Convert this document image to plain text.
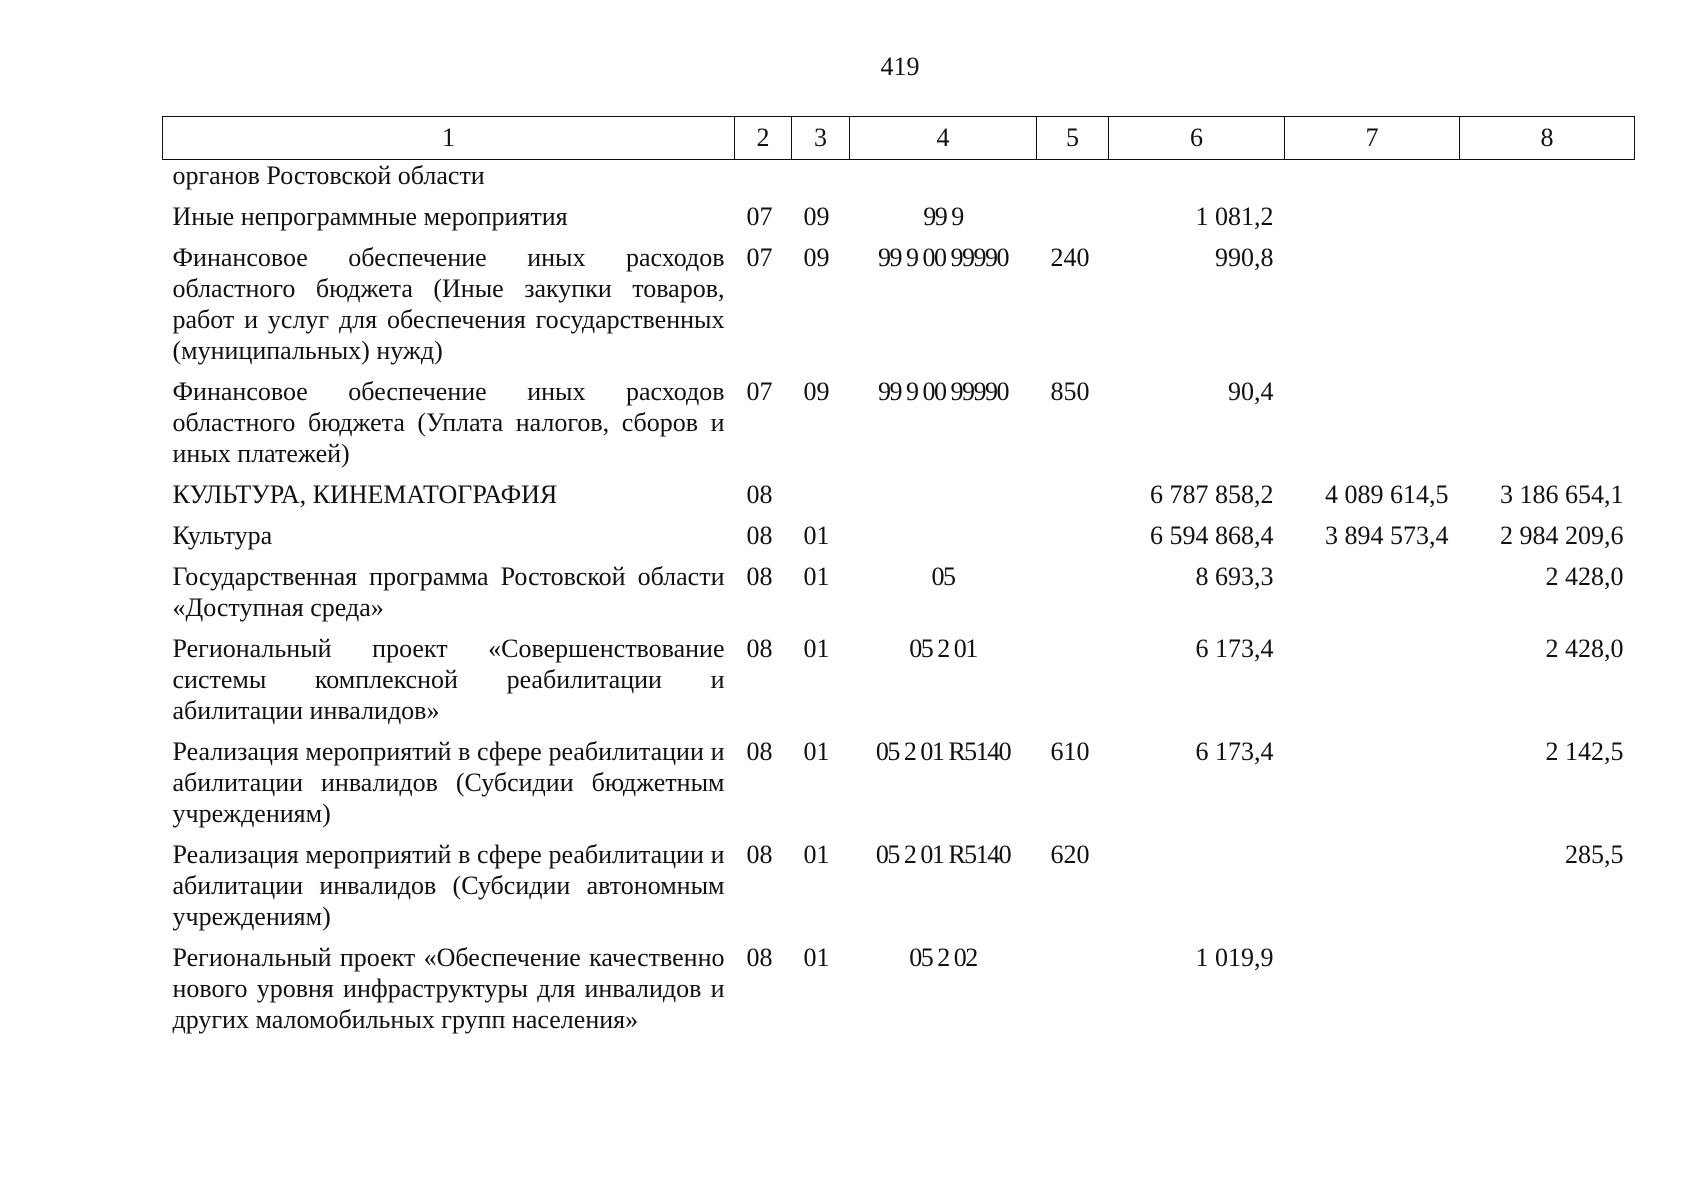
419
1	2	3	4	5	6	7	8
органов Ростовской области							
Иные непрограммные мероприятия	07	09	99 9		1 081,2		
Финансовое обеспечение иных расходов областного бюджета (Иные закупки товаров, работ и услуг для обеспечения государственных (муниципальных) нужд)	07	09	99 9 00 99990	240	990,8		
Финансовое обеспечение иных расходов областного бюджета (Уплата налогов, сборов и иных платежей)	07	09	99 9 00 99990	850	90,4		
КУЛЬТУРА, КИНЕМАТОГРАФИЯ	08				6 787 858,2	4 089 614,5	3 186 654,1
Культура	08	01			6 594 868,4	3 894 573,4	2 984 209,6
Государственная программа Ростовской области «Доступная среда»	08	01	05		8 693,3		2 428,0
Региональный проект «Совершенствование системы комплексной реабилитации и абилитации инвалидов»	08	01	05 2 01		6 173,4		2 428,0
Реализация мероприятий в сфере реабилитации и абилитации инвалидов (Субсидии бюджетным учреждениям)	08	01	05 2 01 R5140	610	6 173,4		2 142,5
Реализация мероприятий в сфере реабилитации и абилитации инвалидов (Субсидии автономным учреждениям)	08	01	05 2 01 R5140	620			285,5
Региональный проект «Обеспечение качественно нового уровня инфраструктуры для инвалидов и других маломобильных групп населения»	08	01	05 2 02		1 019,9		
